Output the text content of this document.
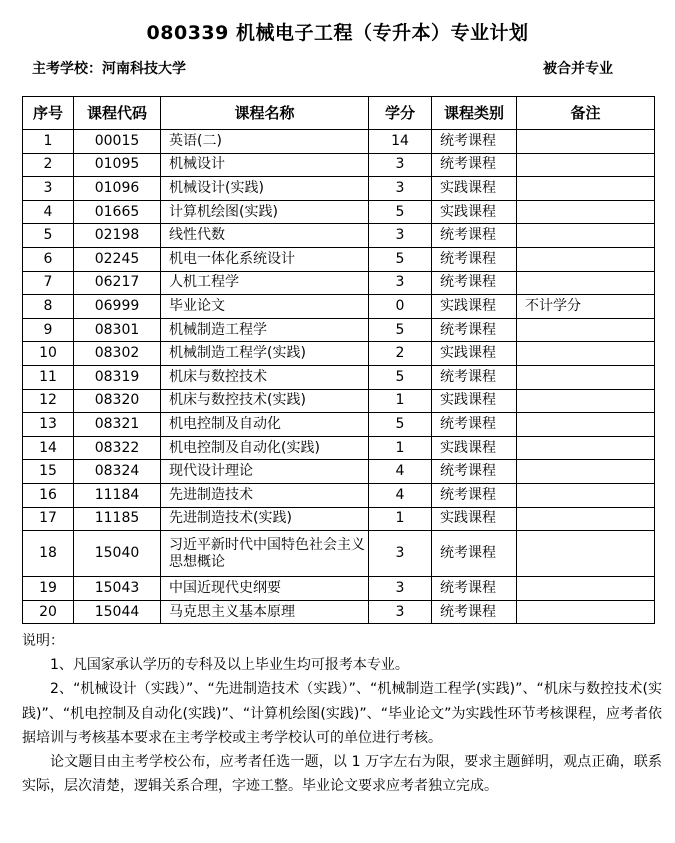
080339 机械电子工程（专升本）专业计划
主考学校：河南科技大学	被合并专业
序号	课程代码	课程名称	学分	课程类别	备注
1	00015	英语(二)	14	统考课程	
2	01095	机械设计	3	统考课程	
3	01096	机械设计(实践)	3	实践课程	
4	01665	计算机绘图(实践)	5	实践课程	
5	02198	线性代数	3	统考课程	
6	02245	机电一体化系统设计	5	统考课程	
7	06217	人机工程学	3	统考课程	
8	06999	毕业论文	0	实践课程	不计学分
9	08301	机械制造工程学	5	统考课程	
10	08302	机械制造工程学(实践)	2	实践课程	
11	08319	机床与数控技术	5	统考课程	
12	08320	机床与数控技术(实践)	1	实践课程	
13	08321	机电控制及自动化	5	统考课程	
14	08322	机电控制及自动化(实践)	1	实践课程	
15	08324	现代设计理论	4	统考课程	
16	11184	先进制造技术	4	统考课程	
17	11185	先进制造技术(实践)	1	实践课程	
18	15040	习近平新时代中国特色社会主义思想概论	3	统考课程	
19	15043	中国近现代史纲要	3	统考课程	
20	15044	马克思主义基本原理	3	统考课程	

说明：

1、凡国家承认学历的专科及以上毕业生均可报考本专业。

2、“机械设计（实践）”、“先进制造技术（实践）”、“机械制造工程学(实践)”、“机床与数控技术(实践)”、“机电控制及自动化(实践)”、“计算机绘图(实践)”、“毕业论文”为实践性环节考核课程，应考者依据培训与考核基本要求在主考学校或主考学校认可的单位进行考核。

论文题目由主考学校公布，应考者任选一题，以 1 万字左右为限，要求主题鲜明，观点正确，联系实际，层次清楚，逻辑关系合理，字迹工整。毕业论文要求应考者独立完成。
